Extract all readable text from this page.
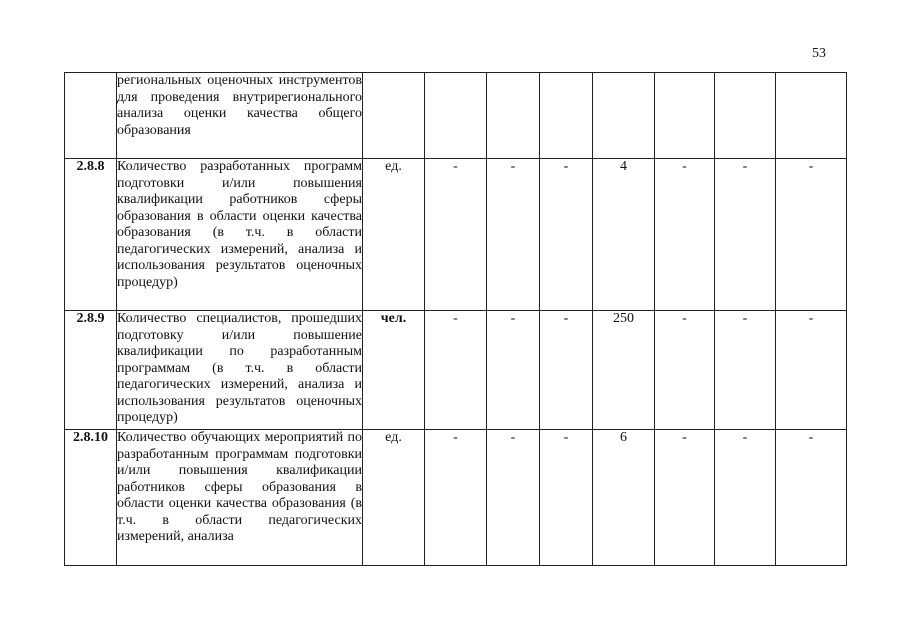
53

	региональных оценочных инструментов для проведения внутрирегионального анализа оценки качества общего образования								

2.8.8	Количество разработанных программ подготовки и/или повышения квалификации работников сферы образования в области оценки качества образования (в т.ч. в области педагогических измерений, анализа и использования результатов оценочных процедур)	ед.	-	-	-	4	-	-	-
2.8.9	Количество специалистов, прошедших подготовку и/или повышение квалификации по разработанным программам (в т.ч. в области педагогических измерений, анализа и использования результатов оценочных процедур)	чел.	-	-	-	250	-	-	-
2.8.10	Количество обучающих мероприятий по разработанным программам подготовки и/или повышения квалификации работников сферы образования в области оценки качества образования (в т.ч. в области педагогических измерений, анализа	ед.	-	-	-	6	-	-	-
